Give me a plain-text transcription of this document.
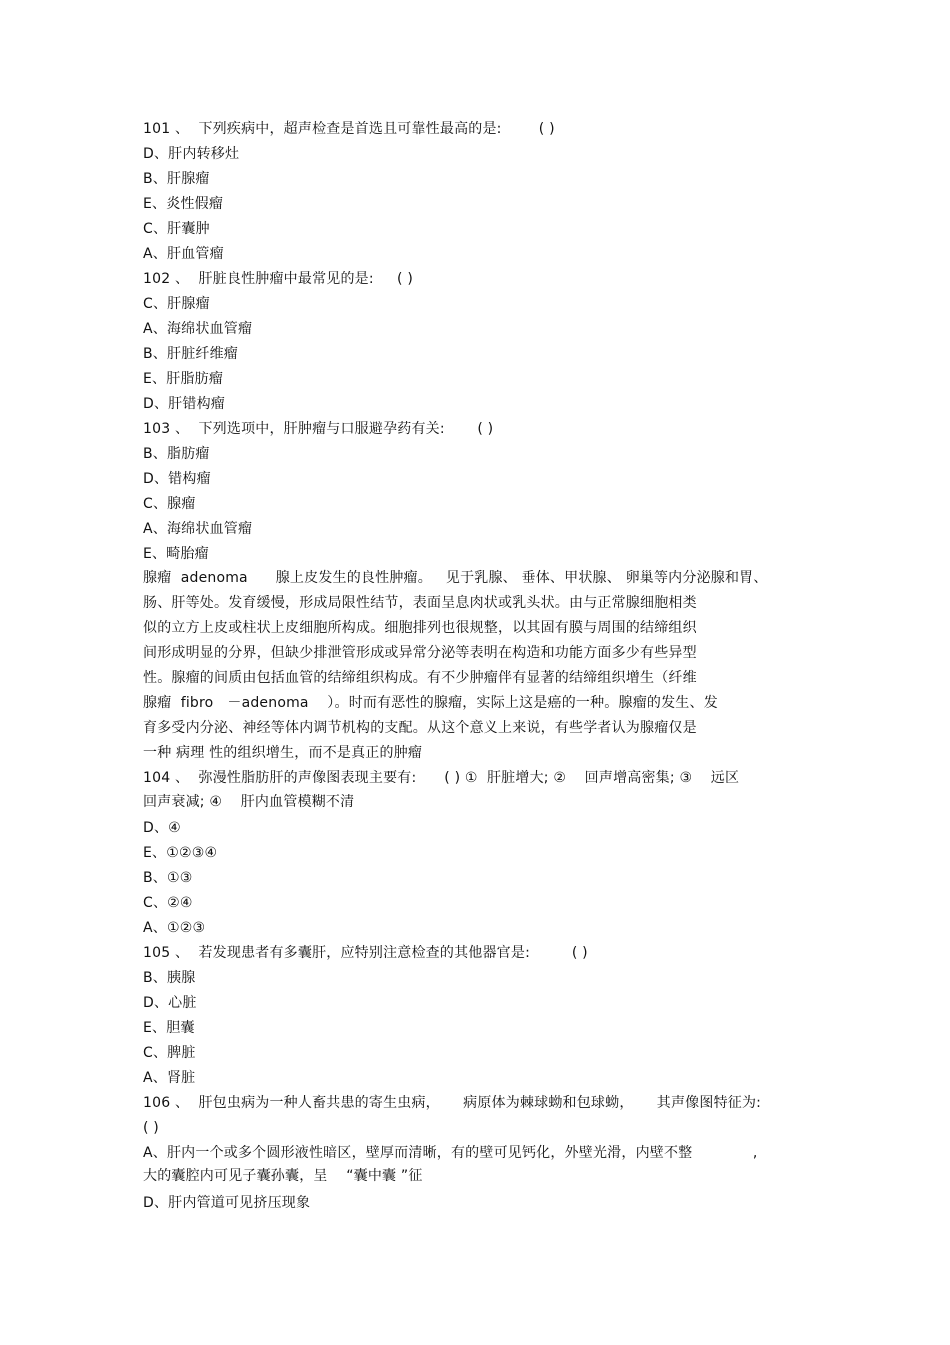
101 、  下列疾病中，超声检查是首选且可靠性最高的是:        ( )
D、肝内转移灶
B、肝腺瘤
E、炎性假瘤
C、肝囊肿
A、肝血管瘤
102 、  肝脏良性肿瘤中最常见的是:     ( )
C、肝腺瘤
A、海绵状血管瘤
B、肝脏纤维瘤
E、肝脂肪瘤
D、肝错构瘤
103 、  下列选项中，肝肿瘤与口服避孕药有关:       ( )
B、脂肪瘤
D、错构瘤
C、腺瘤
A、海绵状血管瘤
E、畸胎瘤
腺瘤  adenoma      腺上皮发生的良性肿瘤。   见于乳腺、 垂体、甲状腺、 卵巢等内分泌腺和胃、
肠、肝等处。发育缓慢，形成局限性结节，表面呈息肉状或乳头状。由与正常腺细胞相类
似的立方上皮或柱状上皮细胞所构成。细胞排列也很规整，以其固有膜与周围的结缔组织
间形成明显的分界，但缺少排泄管形成或异常分泌等表明在构造和功能方面多少有些异型
性。腺瘤的间质由包括血管的结缔组织构成。有不少肿瘤伴有显著的结缔组织增生（纤维
腺瘤  fibro   －adenoma    ）。时而有恶性的腺瘤，实际上这是癌的一种。腺瘤的发生、发
育多受内分泌、神经等体内调节机构的支配。从这个意义上来说，有些学者认为腺瘤仅是
一种 病理 性的组织增生，而不是真正的肿瘤
104 、  弥漫性脂肪肝的声像图表现主要有:      ( ) ①  肝脏增大; ②    回声增高密集; ③    远区
回声衰减; ④    肝内血管模糊不清
D、④
E、①②③④
B、①③
C、②④
A、①②③
105 、  若发现患者有多囊肝，应特别注意检查的其他器官是:         ( )
B、胰腺
D、心脏
E、胆囊
C、脾脏
A、肾脏
106 、  肝包虫病为一种人畜共患的寄生虫病，     病原体为棘球蚴和包球蚴，     其声像图特征为:
( )
A、肝内一个或多个圆形液性暗区，壁厚而清晰，有的壁可见钙化，外壁光滑，内壁不整             ,
大的囊腔内可见子囊孙囊，呈    “囊中囊 ”征
D、肝内管道可见挤压现象
